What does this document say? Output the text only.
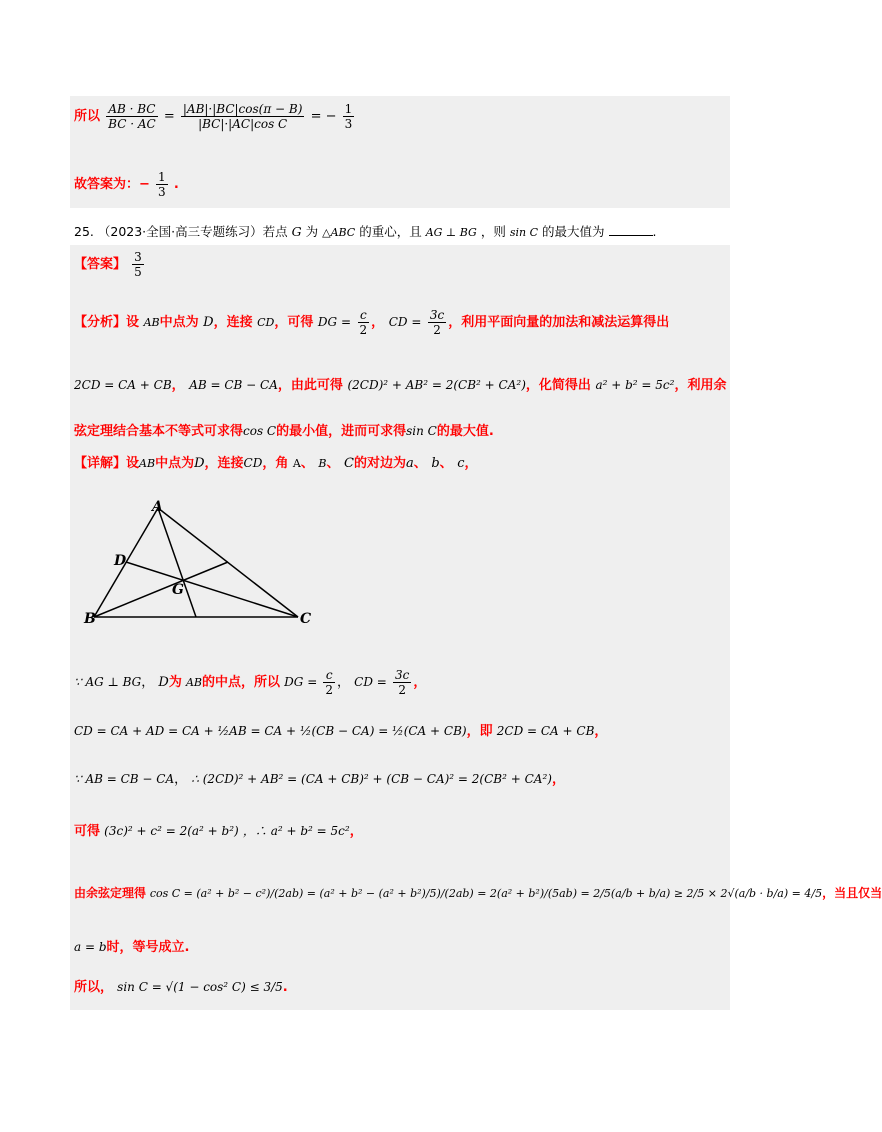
所以 $\frac{AB \cdot BC}{BC \cdot AC} = \frac{|AB|\cdot|BC|\cos(\pi - B)}{\text{|BC|·|AC|cos C}}$ = − $\frac{1}{3}$
故答案为：− $\frac{1}{3}$ .
25. （2023·全国·高三专题练习）若点 G 为 △ABC 的重心，且 AG ⊥ BG ，则 sin C 的最大值为	.
【答案】 $\frac{3}{5}$
【分析】设 AB中点为 D，连接 CD，可得 DG = $\frac{c}{2}$ ， CD = $\frac{3c}{2}$ ，利用平面向量的加法和减法运算得出
2CD = CA + CB， AB = CB − CA，由此可得 (2CD)² + AB² = 2(CB² + CA²)，化简得出 a² + b² = 5c²，利用余
弦定理结合基本不等式可求得cos C的最小值，进而可求得sin C的最大值.
【详解】设AB中点为D，连接CD，角 A、 B、 C的对边为a、 b、 c，
A
D
G
B	C
∵ AG ⊥ BG， D为 AB的中点，所以 DG = $\frac{c}{2}$ ， CD = $\frac{3c}{2}$ ，
CD = CA + AD = CA + ½AB = CA + ½(CB − CA) = ½(CA + CB)，即 2CD = CA + CB，
∵ AB = CB − CA， ∴ (2CD)² + AB² = (CA + CB)² + (CB − CA)² = 2(CB² + CA²)，
可得 (3c)² + c² = 2(a² + b²) ，∴ a² + b² = 5c²，
由余弦定理得 cos C = (a² + b² − c²)/(2ab) = (a² + b² − (a² + b²)/5)/(2ab) = 2(a² + b²)/(5ab) = 2/5(a/b + b/a) ≥ 2/5 × 2√(a/b · b/a) = 4/5，当且仅当
a = b时，等号成立.
所以， sin C = √(1 − cos² C) ≤ 3/5.
